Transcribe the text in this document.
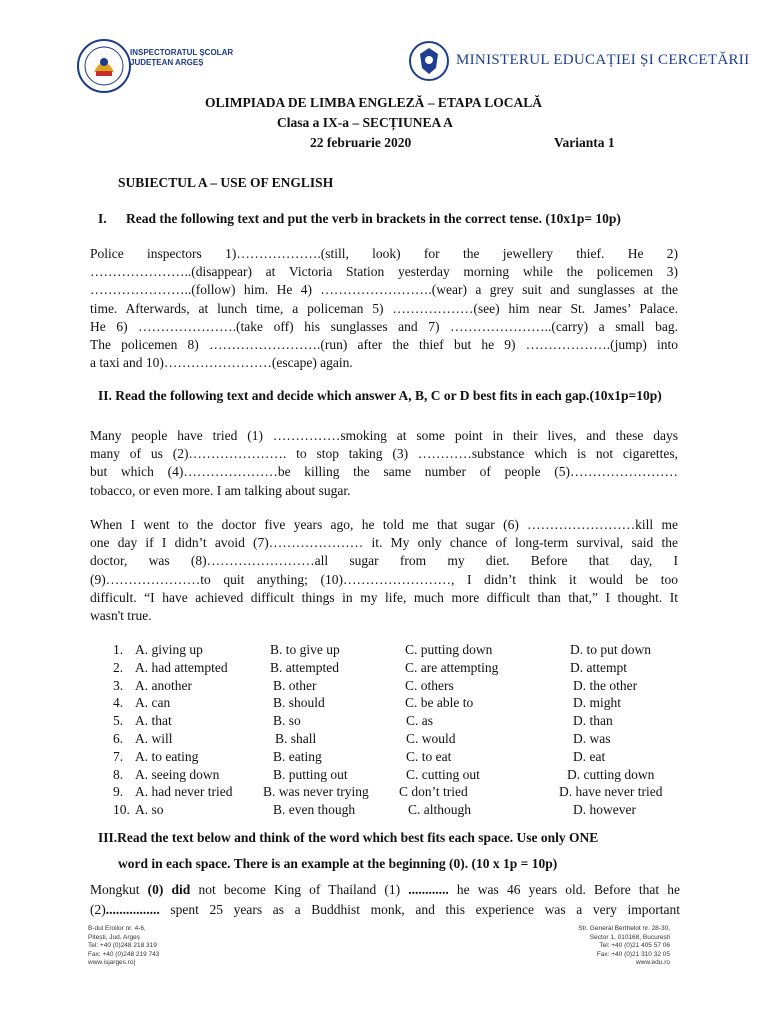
INSPECTORATUL ȘCOLAR
JUDEȚEAN ARGEȘ	MINISTERUL EDUCAȚIEI ȘI CERCETĂRII
OLIMPIADA DE LIMBA ENGLEZĂ – ETAPA LOCALĂ
Clasa a IX-a – SECȚIUNEA A
22 februarie 2020	Varianta 1
SUBIECTUL A – USE OF ENGLISH
I. Read the following text and put the verb in brackets in the correct tense. (10x1p= 10p)
Police inspectors 1)……………….(still, look) for the jewellery thief. He 2)
…………………..(disappear) at Victoria Station yesterday morning while the policemen 3)
…………………..(follow) him. He 4) …………………….(wear) a grey suit and sunglasses at the
time. Afterwards, at lunch time, a policeman 5) ………………(see) him near St. James’ Palace.
He 6) ………………….(take off) his sunglasses and 7) …………………..(carry) a small bag.
The policemen 8) …………………….(run) after the thief but he 9) ……………….(jump) into
a taxi and 10)……………………(escape) again.
II. Read the following text and decide which answer A, B, C or D best fits in each gap.(10x1p=10p)
Many people have tried (1) ……………smoking at some point in their lives, and these days
many of us (2)…………………. to stop taking (3) …………substance which is not cigarettes,
but which (4)…………………be killing the same number of people (5)……………………
tobacco, or even more. I am talking about sugar.
When I went to the doctor five years ago, he told me that sugar (6) ……………………kill me
one day if I didn’t avoid (7)………………… it. My only chance of long-term survival, said the
doctor, was (8)……………………all sugar from my diet. Before that day, I
(9)…………………to quit anything; (10)……………………, I didn’t think it would be too
difficult. “I have achieved difficult things in my life, much more difficult than that,” I thought. It
wasn't true.
1. A. giving up	B. to give up	C. putting down	D. to put down
2. A. had attempted	B. attempted	C. are attempting	D. attempt
3. A. another	B. other	C. others	D. the other
4. A. can	B. should	C. be able to	D. might
5. A. that	B. so	C. as	D. than
6. A. will	B. shall	C. would	D. was
7. A. to eating	B. eating	C. to eat	D. eat
8. A. seeing down	B. putting out	C. cutting out	D. cutting down
9. A. had never tried B. was never trying C don’t tried	D. have never tried
10. A. so	B. even though	C. although	D. however
III.Read the text below and think of the word which best fits each space. Use only ONE
word in each space. There is an example at the beginning (0). (10 x 1p = 10p)
Mongkut (0) did not become King of Thailand (1) ............ he was 46 years old. Before that he
(2)................ spent 25 years as a Buddhist monk, and this experience was a very important
B-dul Eroilor nr. 4-6,
Pitești, Jud. Argeș
Tel: +40 (0)248 218 319
Fax: +40 (0)248 219 743
www.isjarges.ro|
Str. General Berthelot nr. 28-30,
Sector 1, 010168, București
Tel: +40 (0)21 405 57 06
Fax: +40 (0)21 310 32 05
www.edu.ro
